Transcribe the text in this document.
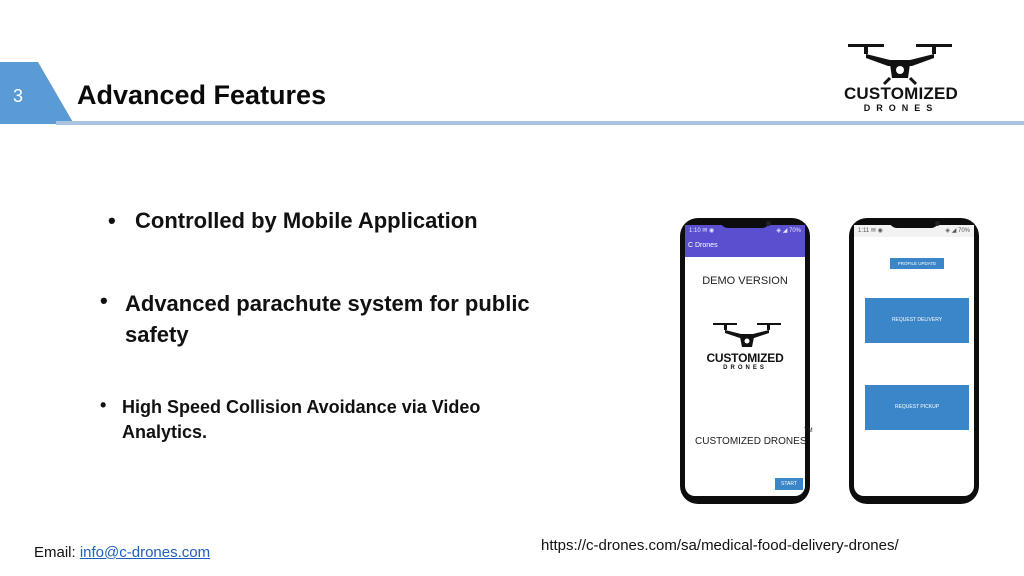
3 Advanced Features	CUSTOMIZED
DRONES
• Controlled by Mobile Application
• Advanced parachute system for public safety
• High Speed Collision Avoidance via Video Analytics.
1:10 ✉ ◉	◈ ◢ 70%
C Drones
DEMO VERSION
CUSTOMIZED
DRONES
CUSTOMIZED DRONES
TM
START
1:11 ✉ ◉	◈ ◢ 70%
PROFILE UPDATE
REQUEST DELIVERY
REQUEST PICKUP
https://c-drones.com/sa/medical-food-delivery-drones/
Email: info@c-drones.com
